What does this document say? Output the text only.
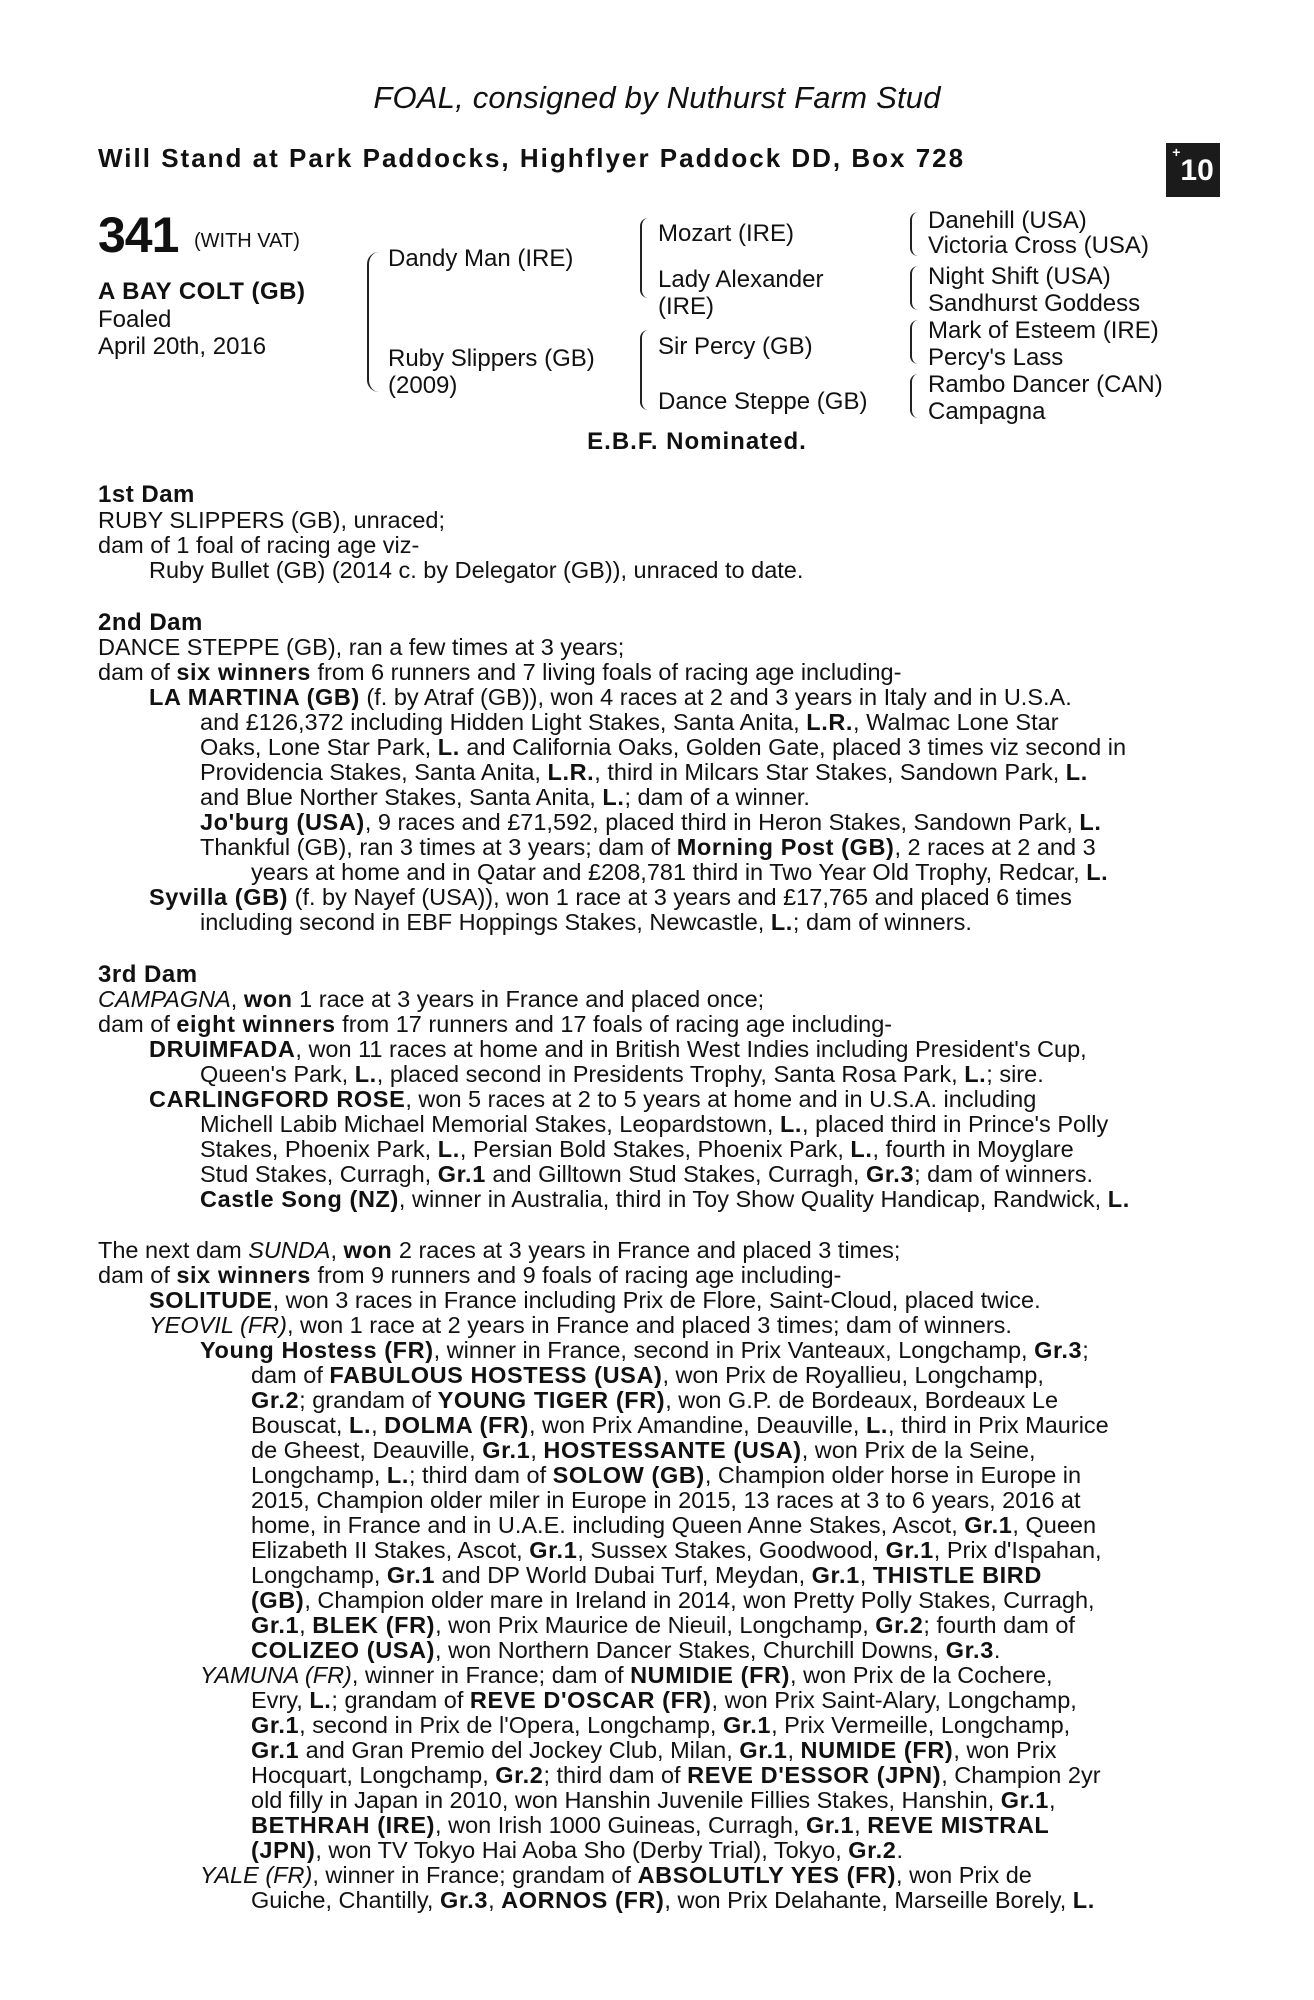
FOAL, consigned by Nuthurst Farm Stud
Will Stand at Park Paddocks, Highflyer Paddock DD, Box 728	+10
341 (WITH VAT)
A BAY COLT (GB)
Foaled
April 20th, 2016
Dandy Man (IRE)
Ruby Slippers (GB)
(2009)
Mozart (IRE)
Lady Alexander
(IRE)
Sir Percy (GB)
Dance Steppe (GB)
Danehill (USA)
Victoria Cross (USA)
Night Shift (USA)
Sandhurst Goddess
Mark of Esteem (IRE)
Percy's Lass
Rambo Dancer (CAN)
Campagna
E.B.F. Nominated.
1st Dam
RUBY SLIPPERS (GB), unraced;
dam of 1 foal of racing age viz-
Ruby Bullet (GB) (2014 c. by Delegator (GB)), unraced to date.
2nd Dam
DANCE STEPPE (GB), ran a few times at 3 years;
dam of six winners from 6 runners and 7 living foals of racing age including-
LA MARTINA (GB) (f. by Atraf (GB)), won 4 races at 2 and 3 years in Italy and in U.S.A.
and £126,372 including Hidden Light Stakes, Santa Anita, L.R., Walmac Lone Star
Oaks, Lone Star Park, L. and California Oaks, Golden Gate, placed 3 times viz second in
Providencia Stakes, Santa Anita, L.R., third in Milcars Star Stakes, Sandown Park, L.
and Blue Norther Stakes, Santa Anita, L.; dam of a winner.
Jo'burg (USA), 9 races and £71,592, placed third in Heron Stakes, Sandown Park, L.
Thankful (GB), ran 3 times at 3 years; dam of Morning Post (GB), 2 races at 2 and 3
years at home and in Qatar and £208,781 third in Two Year Old Trophy, Redcar, L.
Syvilla (GB) (f. by Nayef (USA)), won 1 race at 3 years and £17,765 and placed 6 times
including second in EBF Hoppings Stakes, Newcastle, L.; dam of winners.
3rd Dam
CAMPAGNA, won 1 race at 3 years in France and placed once;
dam of eight winners from 17 runners and 17 foals of racing age including-
DRUIMFADA, won 11 races at home and in British West Indies including President's Cup,
Queen's Park, L., placed second in Presidents Trophy, Santa Rosa Park, L.; sire.
CARLINGFORD ROSE, won 5 races at 2 to 5 years at home and in U.S.A. including
Michell Labib Michael Memorial Stakes, Leopardstown, L., placed third in Prince's Polly
Stakes, Phoenix Park, L., Persian Bold Stakes, Phoenix Park, L., fourth in Moyglare
Stud Stakes, Curragh, Gr.1 and Gilltown Stud Stakes, Curragh, Gr.3; dam of winners.
Castle Song (NZ), winner in Australia, third in Toy Show Quality Handicap, Randwick, L.
The next dam SUNDA, won 2 races at 3 years in France and placed 3 times;
dam of six winners from 9 runners and 9 foals of racing age including-
SOLITUDE, won 3 races in France including Prix de Flore, Saint-Cloud, placed twice.
YEOVIL (FR), won 1 race at 2 years in France and placed 3 times; dam of winners.
Young Hostess (FR), winner in France, second in Prix Vanteaux, Longchamp, Gr.3;
dam of FABULOUS HOSTESS (USA), won Prix de Royallieu, Longchamp,
Gr.2; grandam of YOUNG TIGER (FR), won G.P. de Bordeaux, Bordeaux Le
Bouscat, L., DOLMA (FR), won Prix Amandine, Deauville, L., third in Prix Maurice
de Gheest, Deauville, Gr.1, HOSTESSANTE (USA), won Prix de la Seine,
Longchamp, L.; third dam of SOLOW (GB), Champion older horse in Europe in
2015, Champion older miler in Europe in 2015, 13 races at 3 to 6 years, 2016 at
home, in France and in U.A.E. including Queen Anne Stakes, Ascot, Gr.1, Queen
Elizabeth II Stakes, Ascot, Gr.1, Sussex Stakes, Goodwood, Gr.1, Prix d'Ispahan,
Longchamp, Gr.1 and DP World Dubai Turf, Meydan, Gr.1, THISTLE BIRD
(GB), Champion older mare in Ireland in 2014, won Pretty Polly Stakes, Curragh,
Gr.1, BLEK (FR), won Prix Maurice de Nieuil, Longchamp, Gr.2; fourth dam of
COLIZEO (USA), won Northern Dancer Stakes, Churchill Downs, Gr.3.
YAMUNA (FR), winner in France; dam of NUMIDIE (FR), won Prix de la Cochere,
Evry, L.; grandam of REVE D'OSCAR (FR), won Prix Saint-Alary, Longchamp,
Gr.1, second in Prix de l'Opera, Longchamp, Gr.1, Prix Vermeille, Longchamp,
Gr.1 and Gran Premio del Jockey Club, Milan, Gr.1, NUMIDE (FR), won Prix
Hocquart, Longchamp, Gr.2; third dam of REVE D'ESSOR (JPN), Champion 2yr
old filly in Japan in 2010, won Hanshin Juvenile Fillies Stakes, Hanshin, Gr.1,
BETHRAH (IRE), won Irish 1000 Guineas, Curragh, Gr.1, REVE MISTRAL
(JPN), won TV Tokyo Hai Aoba Sho (Derby Trial), Tokyo, Gr.2.
YALE (FR), winner in France; grandam of ABSOLUTLY YES (FR), won Prix de
Guiche, Chantilly, Gr.3, AORNOS (FR), won Prix Delahante, Marseille Borely, L.
